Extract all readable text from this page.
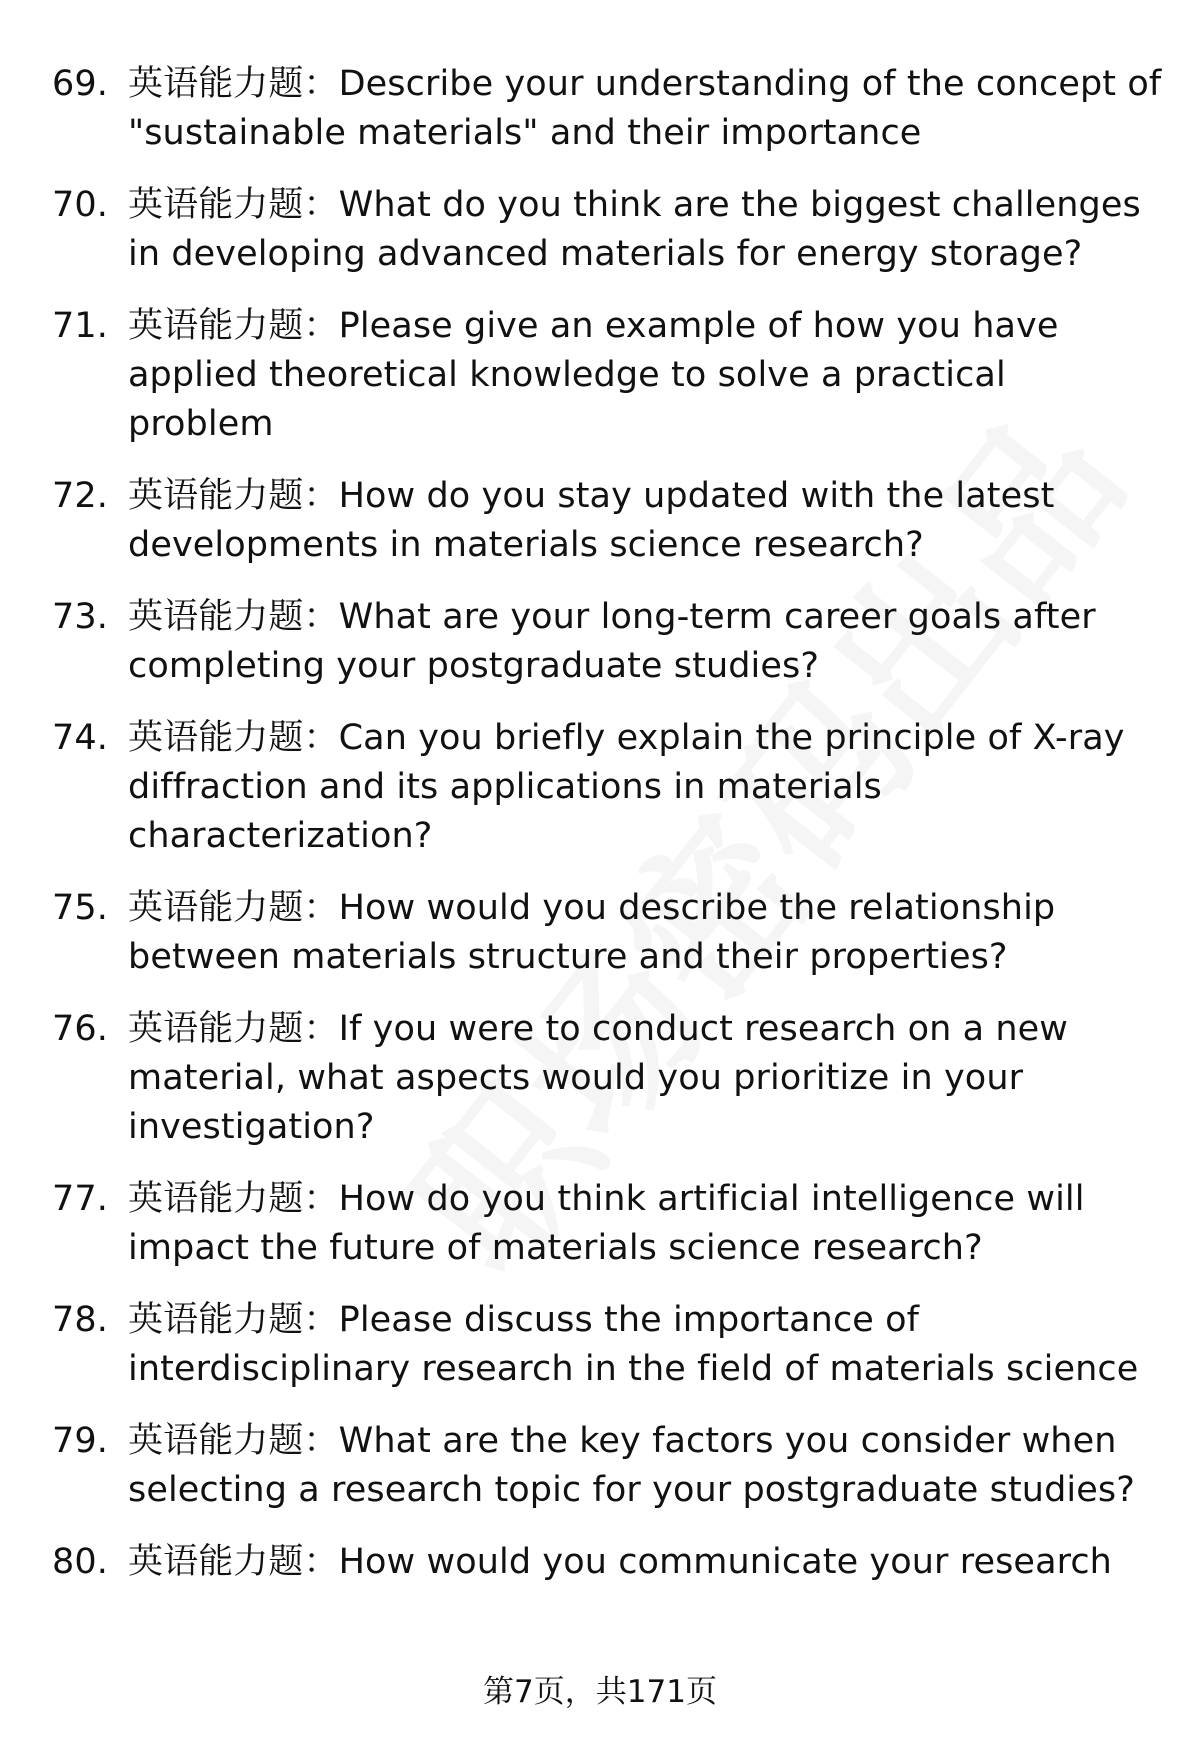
69. 英语能力题：Describe your understanding of the concept of "sustainable materials" and their importance
70. 英语能力题：What do you think are the biggest challenges in developing advanced materials for energy storage?
71. 英语能力题：Please give an example of how you have applied theoretical knowledge to solve a practical problem
72. 英语能力题：How do you stay updated with the latest developments in materials science research?
73. 英语能力题：What are your long-term career goals after completing your postgraduate studies?
74. 英语能力题：Can you briefly explain the principle of X-ray diffraction and its applications in materials characterization?
75. 英语能力题：How would you describe the relationship between materials structure and their properties?
76. 英语能力题：If you were to conduct research on a new material, what aspects would you prioritize in your investigation?
77. 英语能力题：How do you think artificial intelligence will impact the future of materials science research?
78. 英语能力题：Please discuss the importance of interdisciplinary research in the field of materials science
79. 英语能力题：What are the key factors you consider when selecting a research topic for your postgraduate studies?
80. 英语能力题：How would you communicate your research
第7页，共171页
